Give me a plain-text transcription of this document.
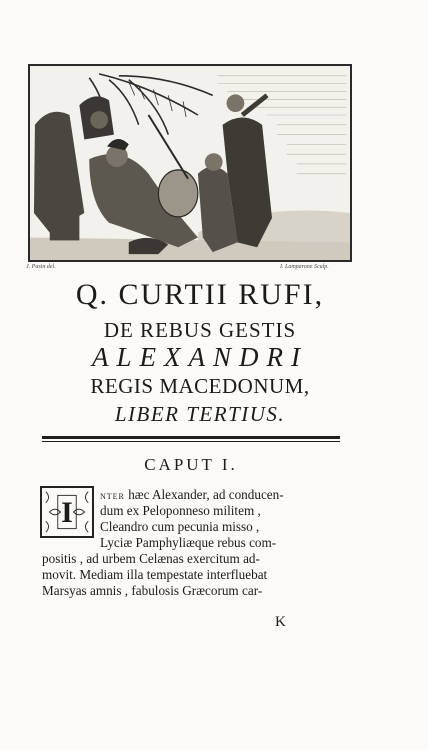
J. Pasin del.	I. Lamparone Sculp.
Q. CURTII RUFI,
DE REBUS GESTIS
ALEXANDRI
REGIS MACEDONUM,
LIBER TERTIUS.
CAPUT I.
I	nter hæc Alexander, ad conducen-
dum ex Peloponneso militem ,
Cleandro cum pecunia misso ,
Lyciæ Pamphyliæque rebus com-
positis , ad urbem Celænas exercitum ad-
movit. Mediam illa tempestate interfluebat
Marsyas amnis , fabulosis Græcorum car-
K
